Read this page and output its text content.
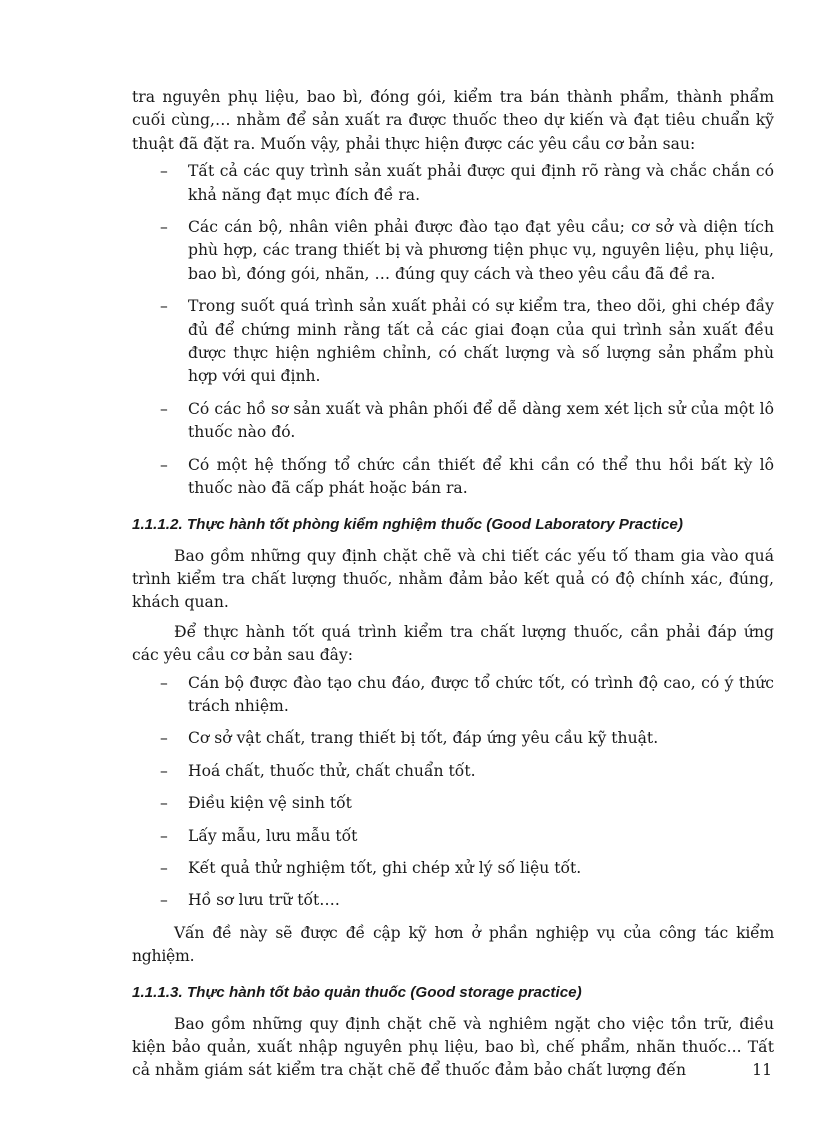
tra nguyên phụ liệu, bao bì, đóng gói, kiểm tra bán thành phẩm, thành phẩm cuối cùng,… nhằm để sản xuất ra được thuốc theo dự kiến và đạt tiêu chuẩn kỹ thuật đã đặt ra. Muốn vậy, phải thực hiện được các yêu cầu cơ bản sau:

– Tất cả các quy trình sản xuất phải được qui định rõ ràng và chắc chắn có khả năng đạt mục đích đề ra.
– Các cán bộ, nhân viên phải được đào tạo đạt yêu cầu; cơ sở và diện tích phù hợp, các trang thiết bị và phương tiện phục vụ, nguyên liệu, phụ liệu, bao bì, đóng gói, nhãn, … đúng quy cách và theo yêu cầu đã đề ra.
– Trong suốt quá trình sản xuất phải có sự kiểm tra, theo dõi, ghi chép đầy đủ để chứng minh rằng tất cả các giai đoạn của qui trình sản xuất đều được thực hiện nghiêm chỉnh, có chất lượng và số lượng sản phẩm phù hợp với qui định.
– Có các hồ sơ sản xuất và phân phối để dễ dàng xem xét lịch sử của một lô thuốc nào đó.
– Có một hệ thống tổ chức cần thiết để khi cần có thể thu hồi bất kỳ lô thuốc nào đã cấp phát hoặc bán ra.
1.1.1.2. Thực hành tốt phòng kiểm nghiệm thuốc (Good Laboratory Practice)

Bao gồm những quy định chặt chẽ và chi tiết các yếu tố tham gia vào quá trình kiểm tra chất lượng thuốc, nhằm đảm bảo kết quả có độ chính xác, đúng, khách quan.

Để thực hành tốt quá trình kiểm tra chất lượng thuốc, cần phải đáp ứng các yêu cầu cơ bản sau đây:

– Cán bộ được đào tạo chu đáo, được tổ chức tốt, có trình độ cao, có ý thức trách nhiệm.
– Cơ sở vật chất, trang thiết bị tốt, đáp ứng yêu cầu kỹ thuật.
– Hoá chất, thuốc thử, chất chuẩn tốt.
– Điều kiện vệ sinh tốt
– Lấy mẫu, lưu mẫu tốt
– Kết quả thử nghiệm tốt, ghi chép xử lý số liệu tốt.
– Hồ sơ lưu trữ tốt….

Vấn đề này sẽ được đề cập kỹ hơn ở phần nghiệp vụ của công tác kiểm nghiệm.

1.1.1.3. Thực hành tốt bảo quản thuốc (Good storage practice)

Bao gồm những quy định chặt chẽ và nghiêm ngặt cho việc tồn trữ, điều kiện bảo quản, xuất nhập nguyên phụ liệu, bao bì, chế phẩm, nhãn thuốc... Tất cả nhằm giám sát kiểm tra chặt chẽ để thuốc đảm bảo chất lượng đến	11
